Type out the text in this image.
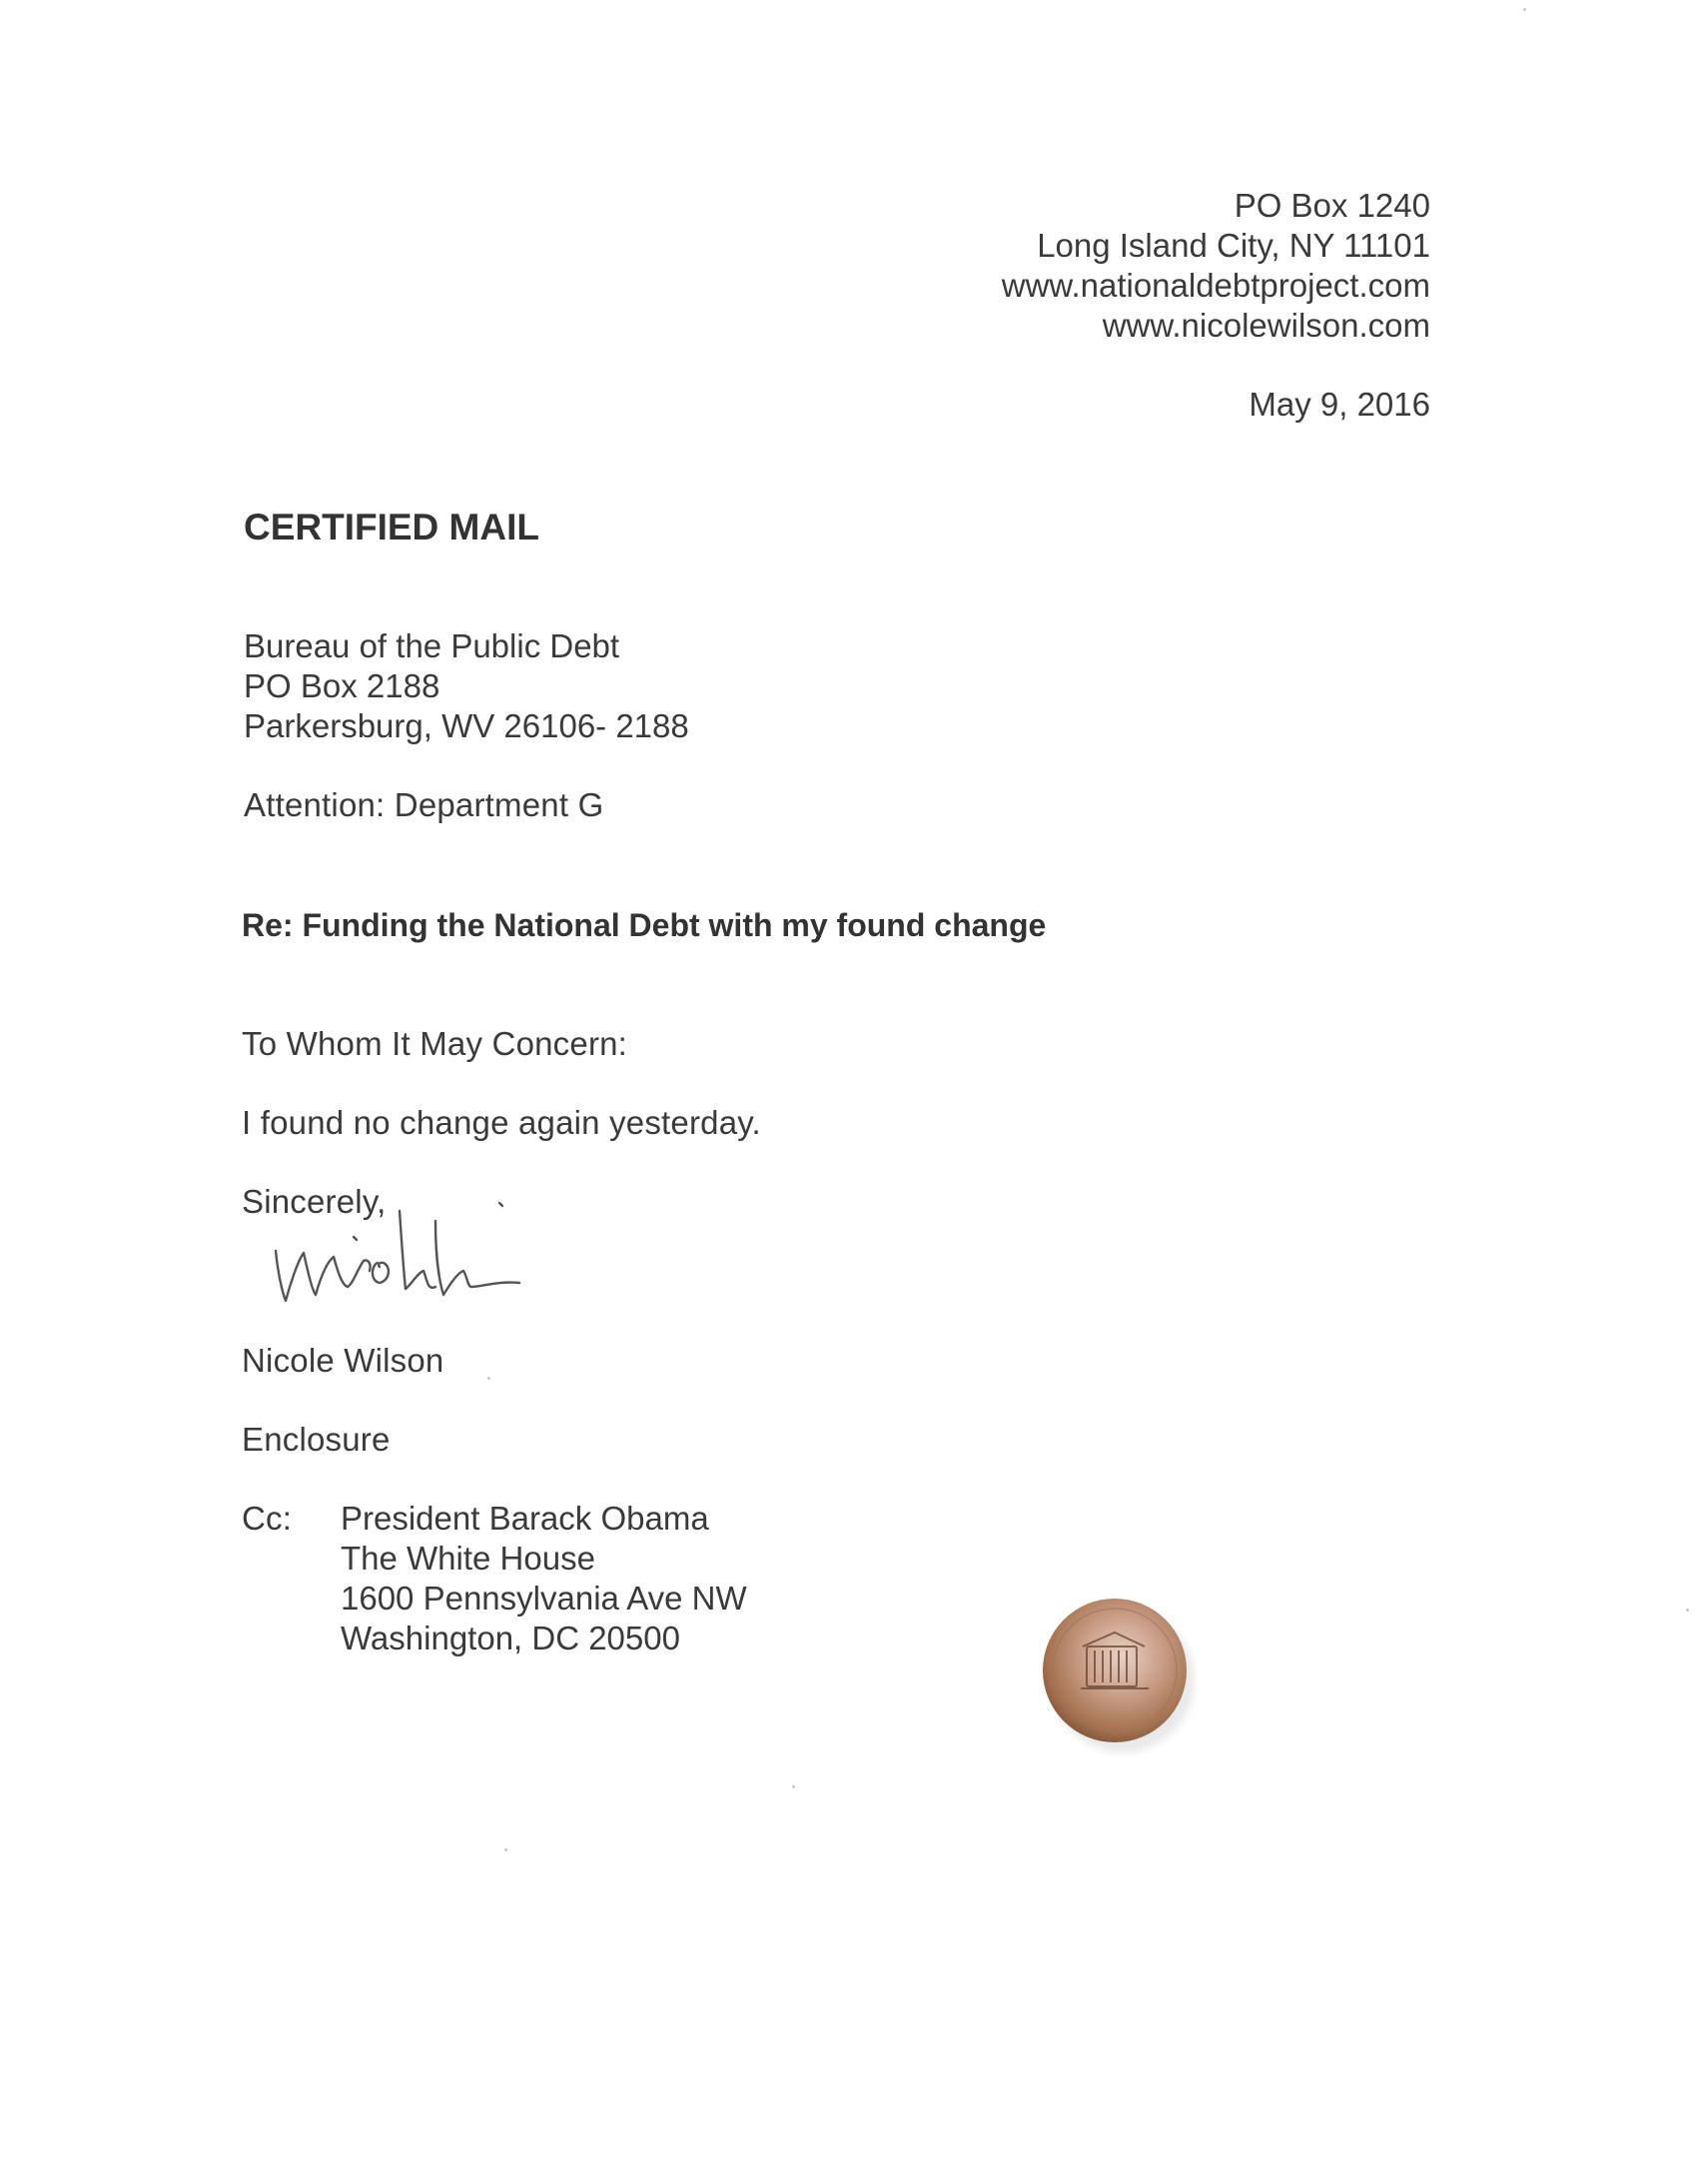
PO Box 1240
Long Island City, NY 11101
www.nationaldebtproject.com
www.nicolewilson.com
May 9, 2016
CERTIFIED MAIL
Bureau of the Public Debt
PO Box 2188
Parkersburg, WV 26106- 2188
Attention: Department G
Re: Funding the National Debt with my found change
To Whom It May Concern:
I found no change again yesterday.
Sincerely,
Nicole Wilson
Enclosure
Cc: President Barack Obama
The White House
1600 Pennsylvania Ave NW
Washington, DC 20500
